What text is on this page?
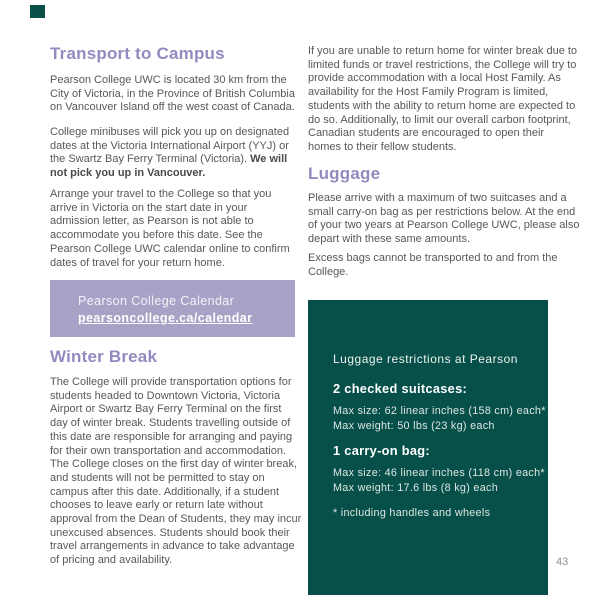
Transport to Campus
Pearson College UWC is located 30 km from the City of Victoria, in the Province of British Columbia on Vancouver Island off the west coast of Canada.
College minibuses will pick you up on designated dates at the Victoria International Airport (YYJ) or the Swartz Bay Ferry Terminal (Victoria). We will not pick you up in Vancouver.
Arrange your travel to the College so that you arrive in Victoria on the start date in your admission letter, as Pearson is not able to accommodate you before this date. See the Pearson College UWC calendar online to confirm dates of travel for your return home.
Pearson College Calendar
pearsoncollege.ca/calendar
Winter Break
The College will provide transportation options for students headed to Downtown Victoria, Victoria Airport or Swartz Bay Ferry Terminal on the first day of winter break. Students travelling outside of this date are responsible for arranging and paying for their own transportation and accommodation. The College closes on the first day of winter break, and students will not be permitted to stay on campus after this date. Additionally, if a student chooses to leave early or return late without approval from the Dean of Students, they may incur unexcused absences. Students should book their travel arrangements in advance to take advantage of pricing and availability.
If you are unable to return home for winter break due to limited funds or travel restrictions, the College will try to provide accommodation with a local Host Family. As availability for the Host Family Program is limited, students with the ability to return home are expected to do so. Additionally, to limit our overall carbon footprint, Canadian students are encouraged to open their homes to their fellow students.
Luggage
Please arrive with a maximum of two suitcases and a small carry-on bag as per restrictions below. At the end of your two years at Pearson College UWC, please also depart with these same amounts.
Excess bags cannot be transported to and from the College.
Luggage restrictions at Pearson
2 checked suitcases:
Max size: 62 linear inches (158 cm) each*
Max weight: 50 lbs (23 kg) each
1 carry-on bag:
Max size: 46 linear inches (118 cm) each*
Max weight: 17.6 lbs (8 kg) each
* including handles and wheels
43
